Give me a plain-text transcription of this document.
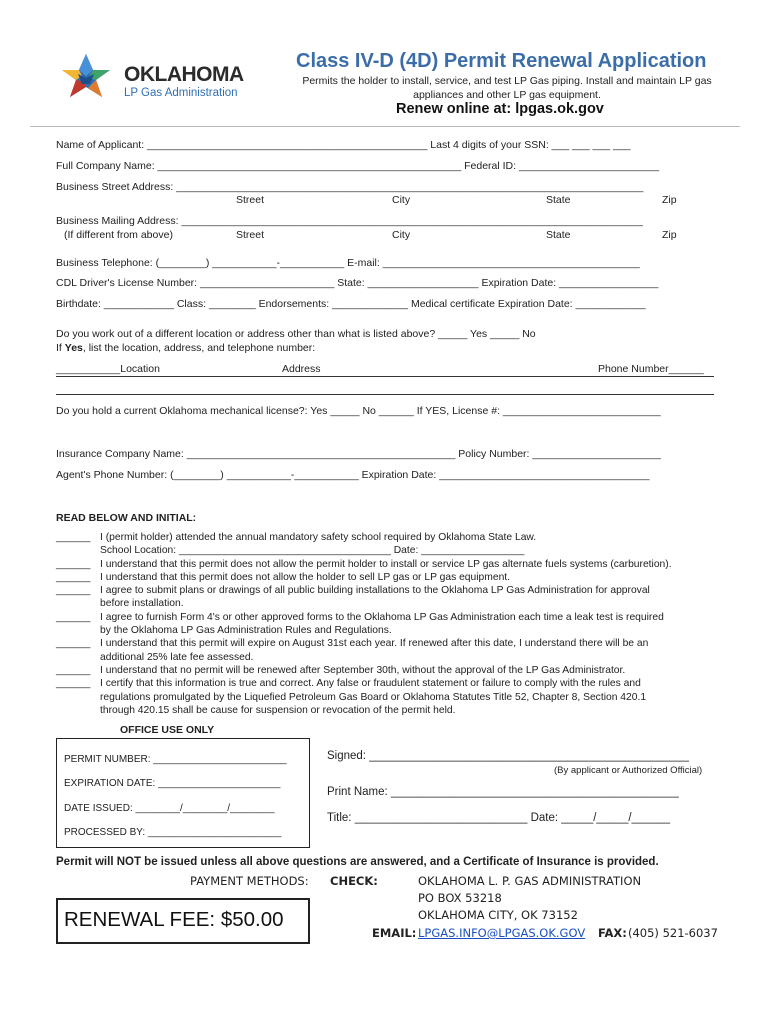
OKLAHOMA
LP Gas Administration
Class IV-D (4D) Permit Renewal Application
Permits the holder to install, service, and test LP Gas piping. Install and maintain LP gas appliances and other LP gas equipment.
Renew online at: lpgas.ok.gov
Name of Applicant: ________________________________________________ Last 4 digits of your SSN: ___ ___ ___ ___
Full Company Name: ____________________________________________________ Federal ID: ________________________
Business Street Address: ________________________________________________________________________________
Street	City	State	Zip
Business Mailing Address: _______________________________________________________________________________
(If different from above)	Street	City	State	Zip
Business Telephone: (________) ___________-___________ E-mail: ____________________________________________
CDL Driver's License Number: _______________________ State: ___________________ Expiration Date: _________________
Birthdate: ____________ Class: ________ Endorsements: _____________ Medical certificate Expiration Date: ____________
Do you work out of a different location or address other than what is listed above? _____ Yes _____ No
If Yes, list the location, address, and telephone number:
___________Location	Address	Phone Number______
Do you hold a current Oklahoma mechanical license?: Yes _____ No ______ If YES, License #: ___________________________
Insurance Company Name: ______________________________________________ Policy Number: ______________________
Agent's Phone Number: (________) ___________-___________ Expiration Date: ____________________________________
READ BELOW AND INITIAL:
______ I (permit holder) attended the annual mandatory safety school required by Oklahoma State Law.
School Location: _____________________________________ Date: __________________
______ I understand that this permit does not allow the permit holder to install or service LP gas alternate fuels systems (carburetion).
______ I understand that this permit does not allow the holder to sell LP gas or LP gas equipment.
______ I agree to submit plans or drawings of all public building installations to the Oklahoma LP Gas Administration for approval
before installation.
______ I agree to furnish Form 4's or other approved forms to the Oklahoma LP Gas Administration each time a leak test is required
by the Oklahoma LP Gas Administration Rules and Regulations.
______ I understand that this permit will expire on August 31st each year. If renewed after this date, I understand there will be an
additional 25% late fee assessed.
______ I understand that no permit will be renewed after September 30th, without the approval of the LP Gas Administrator.
______ I certify that this information is true and correct. Any false or fraudulent statement or failure to comply with the rules and
regulations promulgated by the Liquefied Petroleum Gas Board or Oklahoma Statutes Title 52, Chapter 8, Section 420.1
through 420.15 shall be cause for suspension or revocation of the permit held.
OFFICE USE ONLY
PERMIT NUMBER: ________________________
EXPIRATION DATE: ______________________
DATE ISSUED: ________/________/________
PROCESSED BY: ________________________
Signed: __________________________________________________
(By applicant or Authorized Official)
Print Name: _____________________________________________
Title: ___________________________ Date: _____/_____/______
Permit will NOT be issued unless all above questions are answered, and a Certificate of Insurance is provided.
PAYMENT METHODS: CHECK:	OKLAHOMA L. P. GAS ADMINISTRATION
PO BOX 53218
OKLAHOMA CITY, OK 73152
EMAIL: LPGAS.INFO@LPGAS.OK.GOV FAX: (405) 521-6037
RENEWAL FEE: $50.00
